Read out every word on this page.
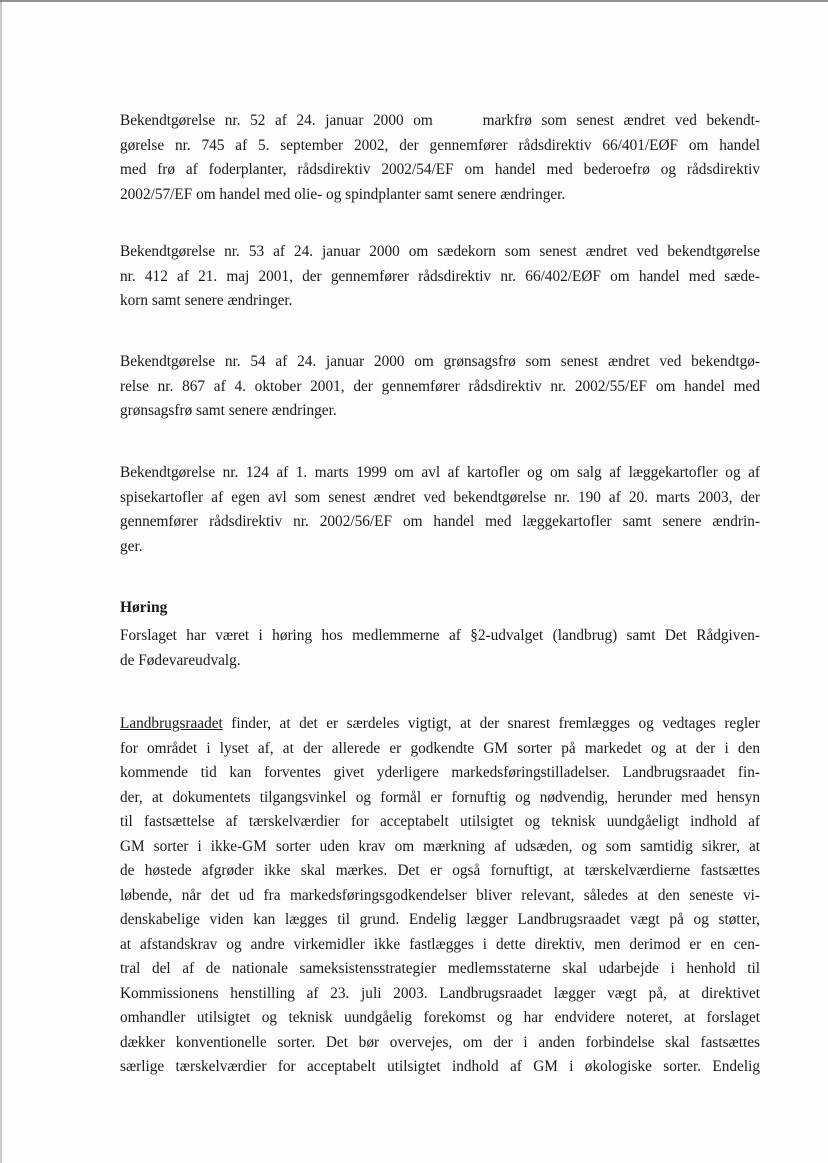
Bekendtgørelse nr. 52 af 24. januar 2000 om    markfrø som senest ændret ved bekendt-
gørelse nr. 745 af 5. september 2002, der gennemfører rådsdirektiv 66/401/EØF om handel
med frø af foderplanter, rådsdirektiv 2002/54/EF om handel med bederoefrø og rådsdirektiv
2002/57/EF om handel med olie- og spindplanter samt senere ændringer.

Bekendtgørelse nr. 53 af 24. januar 2000 om sædekorn som senest ændret ved bekendtgørelse
nr. 412 af 21. maj 2001, der gennemfører rådsdirektiv nr. 66/402/EØF om handel med sæde-
korn samt senere ændringer.

Bekendtgørelse nr. 54 af 24. januar 2000 om grønsagsfrø som senest ændret ved bekendtgø-
relse nr. 867 af 4. oktober 2001, der gennemfører rådsdirektiv nr. 2002/55/EF om handel med
grønsagsfrø samt senere ændringer.

Bekendtgørelse nr. 124 af 1. marts 1999 om avl af kartofler og om salg af læggekartofler og af
spisekartofler af egen avl som senest ændret ved bekendtgørelse nr. 190 af 20. marts 2003, der
gennemfører rådsdirektiv nr. 2002/56/EF om handel med læggekartofler samt senere ændrin-
ger.

Høring

Forslaget har været i høring hos medlemmerne af §2-udvalget (landbrug) samt Det Rådgiven-
de Fødevareudvalg.

Landbrugsraadet finder, at det er særdeles vigtigt, at der snarest fremlægges og vedtages regler
for området i lyset af, at der allerede er godkendte GM sorter på markedet og at der i den
kommende tid kan forventes givet yderligere markedsføringstilladelser. Landbrugsraadet fin-
der, at dokumentets tilgangsvinkel og formål er fornuftig og nødvendig, herunder med hensyn
til fastsættelse af tærskelværdier for acceptabelt utilsigtet og teknisk uundgåeligt indhold af
GM sorter i ikke-GM sorter uden krav om mærkning af udsæden, og som samtidig sikrer, at
de høstede afgrøder ikke skal mærkes. Det er også fornuftigt, at tærskelværdierne fastsættes
løbende, når det ud fra markedsføringsgodkendelser bliver relevant, således at den seneste vi-
denskabelige viden kan lægges til grund. Endelig lægger Landbrugsraadet vægt på og støtter,
at afstandskrav og andre virkemidler ikke fastlægges i dette direktiv, men derimod er en cen-
tral del af de nationale sameksistensstrategier medlemsstaterne skal udarbejde i henhold til
Kommissionens henstilling af 23. juli 2003. Landbrugsraadet lægger vægt på, at direktivet
omhandler utilsigtet og teknisk uundgåelig forekomst og har endvidere noteret, at forslaget
dækker konventionelle sorter. Det bør overvejes, om der i anden forbindelse skal fastsættes
særlige tærskelværdier for acceptabelt utilsigtet indhold af GM i økologiske sorter. Endelig
